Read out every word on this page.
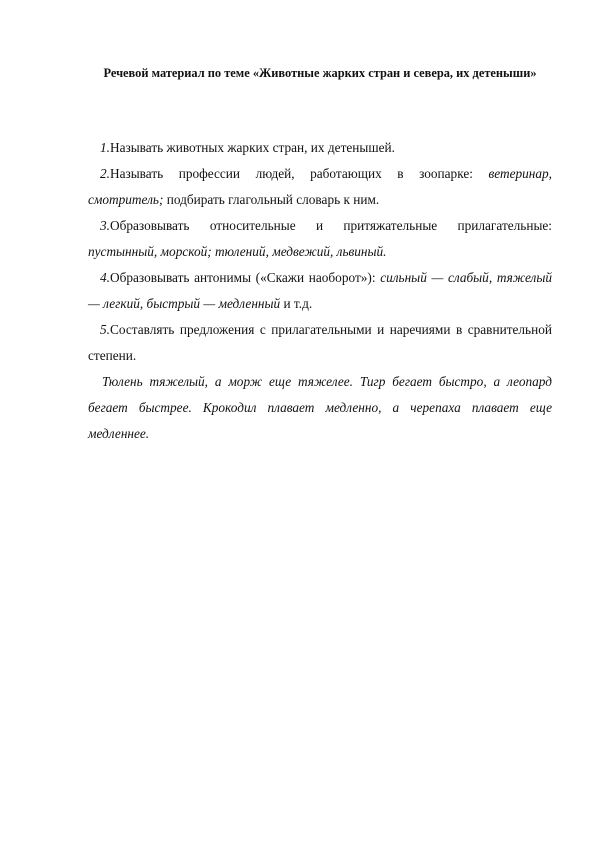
Речевой материал по теме «Животные жарких стран и севера, их детеныши»

1.Называть животных жарких стран, их детенышей.

2.Называть профессии людей, работающих в зоопарке: ветеринар, смотритель; подбирать глагольный словарь к ним.

3.Образовывать относительные и притяжательные прилагательные: пустынный, морской; тюлений, медвежий, львиный.

4.Образовывать антонимы («Скажи наоборот»): сильный — слабый, тяжелый — легкий, быстрый — медленный и т.д.

5.Составлять предложения с прилагательными и наречиями в сравнительной степени.

Тюлень тяжелый, а морж еще тяжелее. Тигр бегает быстро, а леопард бегает быстрее. Крокодил плавает медленно, а черепаха плавает еще медленнее.
